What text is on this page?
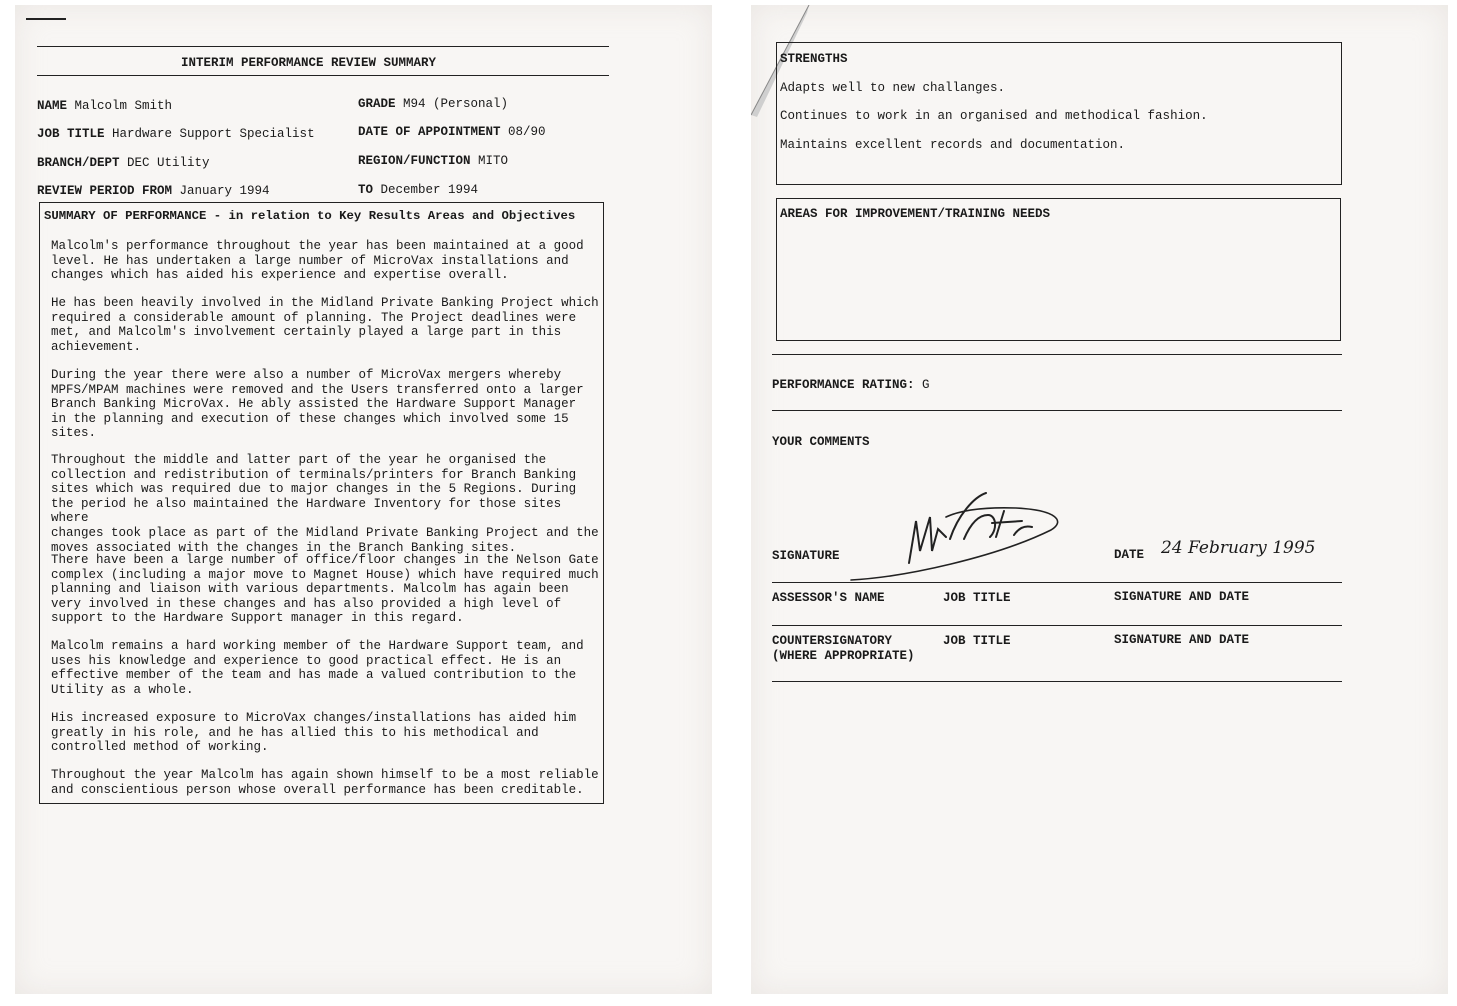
INTERIM PERFORMANCE REVIEW SUMMARY
NAME Malcolm Smith	GRADE M94 (Personal)
JOB TITLE Hardware Support Specialist	DATE OF APPOINTMENT 08/90
BRANCH/DEPT DEC Utility	REGION/FUNCTION MITO
REVIEW PERIOD FROM January 1994	TO December 1994
SUMMARY OF PERFORMANCE - in relation to Key Results Areas and Objectives
Malcolm's performance throughout the year has been maintained at a good
level. He has undertaken a large number of MicroVax installations and
changes which has aided his experience and expertise overall.
He has been heavily involved in the Midland Private Banking Project which
required a considerable amount of planning. The Project deadlines were
met, and Malcolm's involvement certainly played a large part in this
achievement.
During the year there were also a number of MicroVax mergers whereby
MPFS/MPAM machines were removed and the Users transferred onto a larger
Branch Banking MicroVax. He ably assisted the Hardware Support Manager
in the planning and execution of these changes which involved some 15
sites.
Throughout the middle and latter part of the year he organised the
collection and redistribution of terminals/printers for Branch Banking
sites which was required due to major changes in the 5 Regions. During
the period he also maintained the Hardware Inventory for those sites where
changes took place as part of the Midland Private Banking Project and the
moves associated with the changes in the Branch Banking sites.
There have been a large number of office/floor changes in the Nelson Gate
complex (including a major move to Magnet House) which have required much
planning and liaison with various departments. Malcolm has again been
very involved in these changes and has also provided a high level of
support to the Hardware Support manager in this regard.
Malcolm remains a hard working member of the Hardware Support team, and
uses his knowledge and experience to good practical effect. He is an
effective member of the team and has made a valued contribution to the
Utility as a whole.
His increased exposure to MicroVax changes/installations has aided him
greatly in his role, and he has allied this to his methodical and
controlled method of working.
Throughout the year Malcolm has again shown himself to be a most reliable
and conscientious person whose overall performance has been creditable.
STRENGTHS
Adapts well to new challanges.
Continues to work in an organised and methodical fashion.
Maintains excellent records and documentation.
AREAS FOR IMPROVEMENT/TRAINING NEEDS
PERFORMANCE RATING: G
YOUR COMMENTS
SIGNATURE	DATE 24 February 1995
ASSESSOR'S NAME	JOB TITLE	SIGNATURE AND DATE
COUNTERSIGNATORY
(WHERE APPROPRIATE)
JOB TITLE	SIGNATURE AND DATE
